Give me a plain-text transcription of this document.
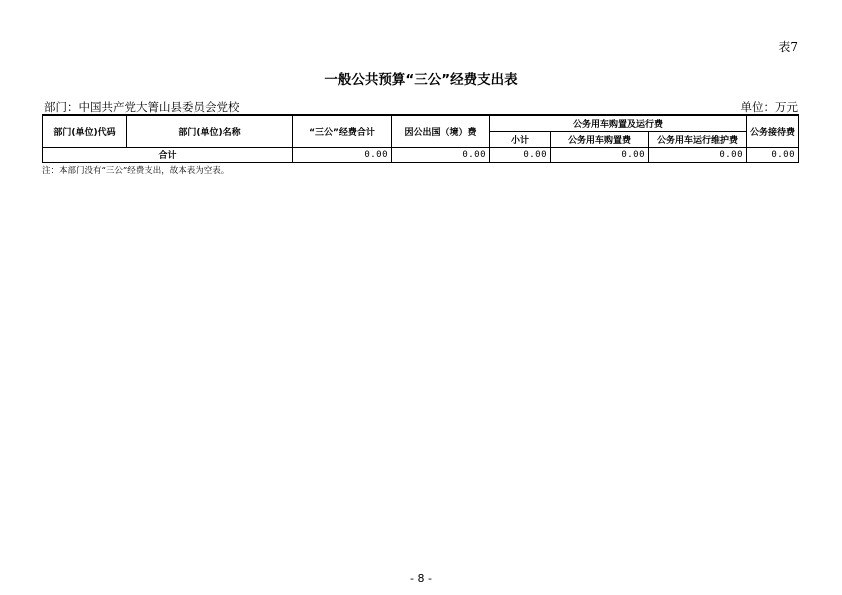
表7
一般公共预算“三公”经费支出表
部门：中国共产党大箐山县委员会党校	单位：万元
部门(单位)代码	部门(单位)名称	“三公”经费合计	因公出国（境）费	公务用车购置及运行费			公务接待费
				小计	公务用车购置费	公务用车运行维护费	
合计		0.00	0.00	0.00	0.00	0.00	0.00
注：本部门没有“三公”经费支出，故本表为空表。
- 8 -
